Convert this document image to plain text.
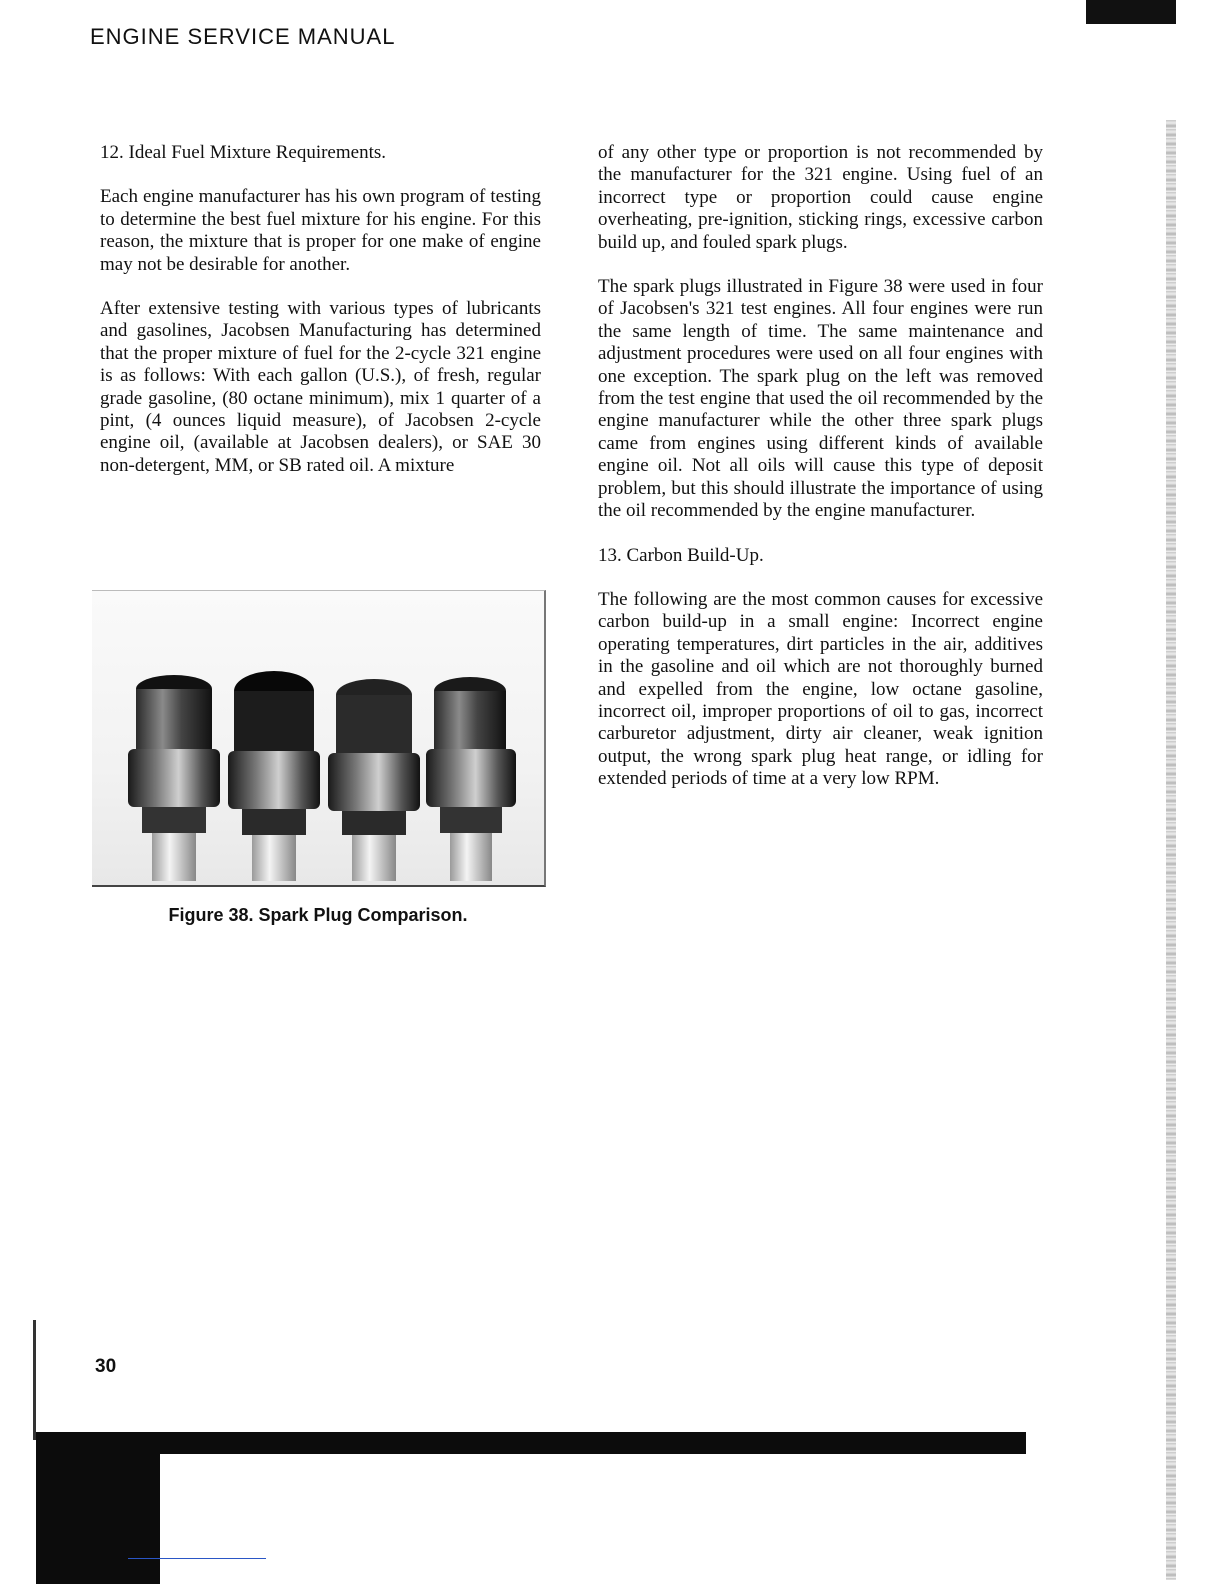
ENGINE SERVICE MANUAL

12. Ideal Fuel Mixture Requirements.

Each engine manufacturer has his own program of testing to determine the best fuel mixture for his engine. For this reason, the mixture that is proper for one make of engine may not be desirable for another.

After extensive testing with various types of lubricants and gasolines, Jacobsen Manufacturing has determined that the proper mixture of fuel for the 2-cycle 321 engine is as follows: With each gallon (U.S.), of fresh, regular grade gasoline, (80 octane minimum), mix 1 quarter of a pint, (4 ounces liquid measure), of Jacobsen 2-cycle engine oil, (available at Jacobsen dealers), or SAE 30 non-detergent, MM, or SB rated oil. A mixture

Figure 38. Spark Plug Comparison.

of any other type or proportion is not recommended by the manufacturer for the 321 engine. Using fuel of an incorrect type or proportion could cause engine overheating, pre-ignition, sticking rings, excessive carbon build up, and fouled spark plugs.

The spark plugs illustrated in Figure 38 were used in four of Jacobsen's 321 test engines. All four engines were run the same length of time. The same maintenance and adjustment procedures were used on all four engines with one exception. The spark plug on the left was removed from the test engine that used the oil recommended by the engine manufacturer while the other three spark plugs came from engines using different kinds of available engine oil. Not all oils will cause this type of deposit problem, but this should illustrate the importance of using the oil recommended by the engine manufacturer.

13. Carbon Build-Up.

The following are the most common causes for excessive carbon build-up in a small engine: Incorrect engine operating temperatures, dirt particles in the air, additives in the gasoline and oil which are not thoroughly burned and expelled from the engine, low octane gasoline, incorrect oil, improper proportions of oil to gas, incorrect carburetor adjustment, dirty air cleaner, weak ignition output, the wrong spark plug heat range, or idling for extended periods of time at a very low RPM.

30
